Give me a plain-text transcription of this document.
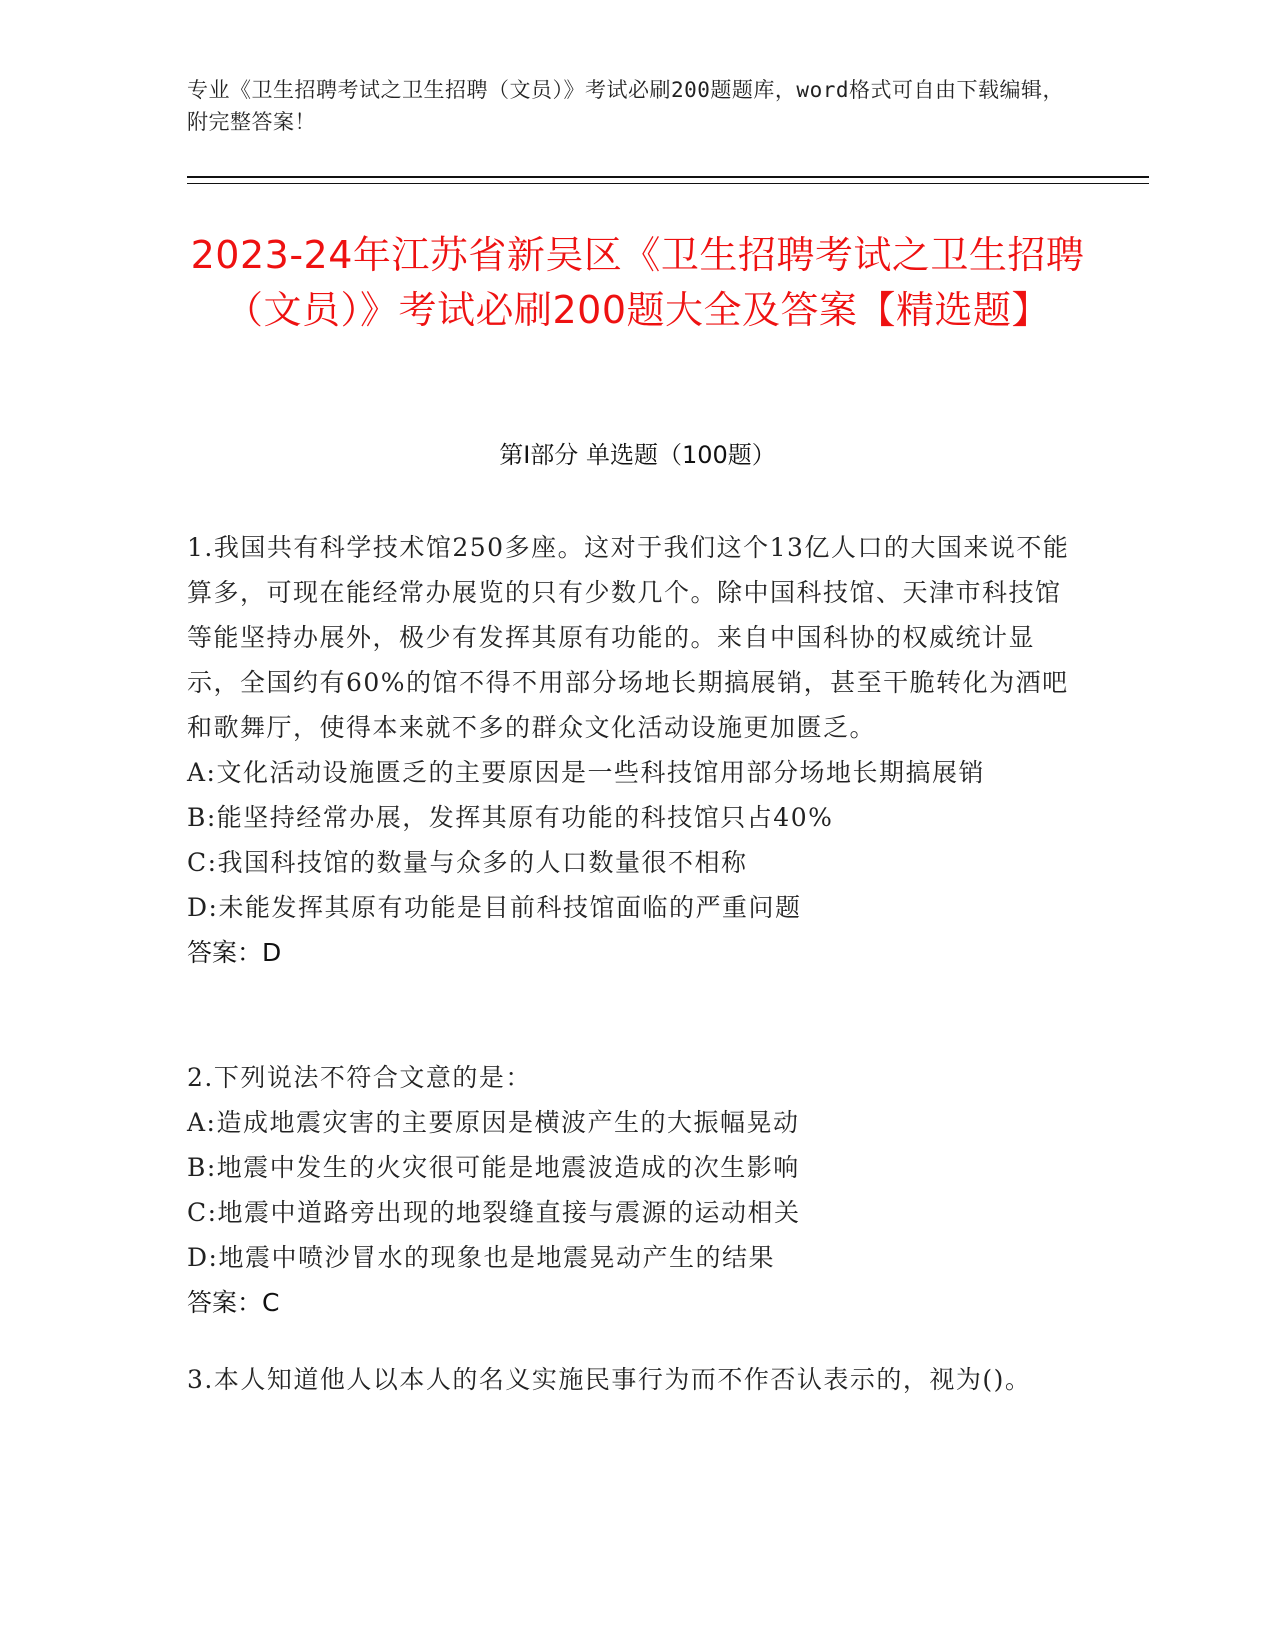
专业《卫生招聘考试之卫生招聘（文员）》考试必刷200题题库，word格式可自由下载编辑，附完整答案！
2023-24年江苏省新吴区《卫生招聘考试之卫生招聘（文员）》考试必刷200题大全及答案【精选题】
第I部分 单选题（100题）
1.我国共有科学技术馆250多座。这对于我们这个13亿人口的大国来说不能算多，可现在能经常办展览的只有少数几个。除中国科技馆、天津市科技馆等能坚持办展外，极少有发挥其原有功能的。来自中国科协的权威统计显示，全国约有60%的馆不得不用部分场地长期搞展销，甚至干脆转化为酒吧和歌舞厅，使得本来就不多的群众文化活动设施更加匮乏。
A:文化活动设施匮乏的主要原因是一些科技馆用部分场地长期搞展销
B:能坚持经常办展，发挥其原有功能的科技馆只占40%
C:我国科技馆的数量与众多的人口数量很不相称
D:未能发挥其原有功能是目前科技馆面临的严重问题
答案：D
2.下列说法不符合文意的是：
A:造成地震灾害的主要原因是横波产生的大振幅晃动
B:地震中发生的火灾很可能是地震波造成的次生影响
C:地震中道路旁出现的地裂缝直接与震源的运动相关
D:地震中喷沙冒水的现象也是地震晃动产生的结果
答案：C
3.本人知道他人以本人的名义实施民事行为而不作否认表示的，视为()。
